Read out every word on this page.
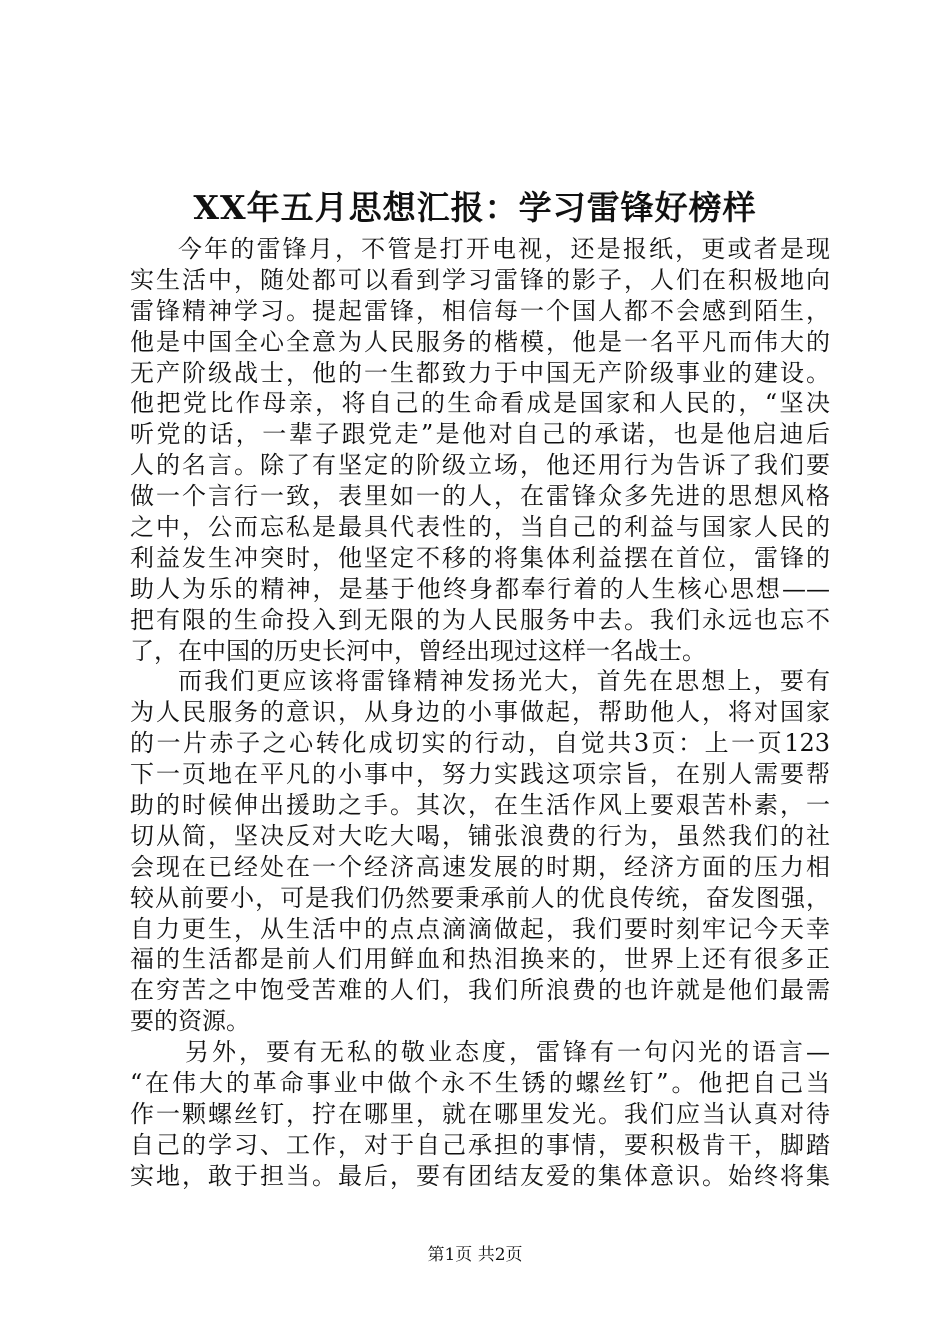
XX年五月思想汇报：学习雷锋好榜样
今年的雷锋月，不管是打开电视，还是报纸，更或者是现
实生活中，随处都可以看到学习雷锋的影子，人们在积极地向
雷锋精神学习。提起雷锋，相信每一个国人都不会感到陌生，
他是中国全心全意为人民服务的楷模，他是一名平凡而伟大的
无产阶级战士，他的一生都致力于中国无产阶级事业的建设。
他把党比作母亲，将自己的生命看成是国家和人民的，“坚决
听党的话，一辈子跟党走”是他对自己的承诺，也是他启迪后
人的名言。除了有坚定的阶级立场，他还用行为告诉了我们要
做一个言行一致，表里如一的人，在雷锋众多先进的思想风格
之中，公而忘私是最具代表性的，当自己的利益与国家人民的
利益发生冲突时，他坚定不移的将集体利益摆在首位，雷锋的
助人为乐的精神，是基于他终身都奉行着的人生核心思想——
把有限的生命投入到无限的为人民服务中去。我们永远也忘不
了，在中国的历史长河中，曾经出现过这样一名战士。
而我们更应该将雷锋精神发扬光大，首先在思想上，要有
为人民服务的意识，从身边的小事做起，帮助他人，将对国家
的一片赤子之心转化成切实的行动，自觉共3页：上一页123
下一页地在平凡的小事中，努力实践这项宗旨，在别人需要帮
助的时候伸出援助之手。其次，在生活作风上要艰苦朴素，一
切从简，坚决反对大吃大喝，铺张浪费的行为，虽然我们的社
会现在已经处在一个经济高速发展的时期，经济方面的压力相
较从前要小，可是我们仍然要秉承前人的优良传统，奋发图强，
自力更生，从生活中的点点滴滴做起，我们要时刻牢记今天幸
福的生活都是前人们用鲜血和热泪换来的，世界上还有很多正
在穷苦之中饱受苦难的人们，我们所浪费的也许就是他们最需
要的资源。
另外，要有无私的敬业态度，雷锋有一句闪光的语言—
“在伟大的革命事业中做个永不生锈的螺丝钉”。他把自己当
作一颗螺丝钉，拧在哪里，就在哪里发光。我们应当认真对待
自己的学习、工作，对于自己承担的事情，要积极肯干，脚踏
实地，敢于担当。最后，要有团结友爱的集体意识。始终将集
第1页 共2页
